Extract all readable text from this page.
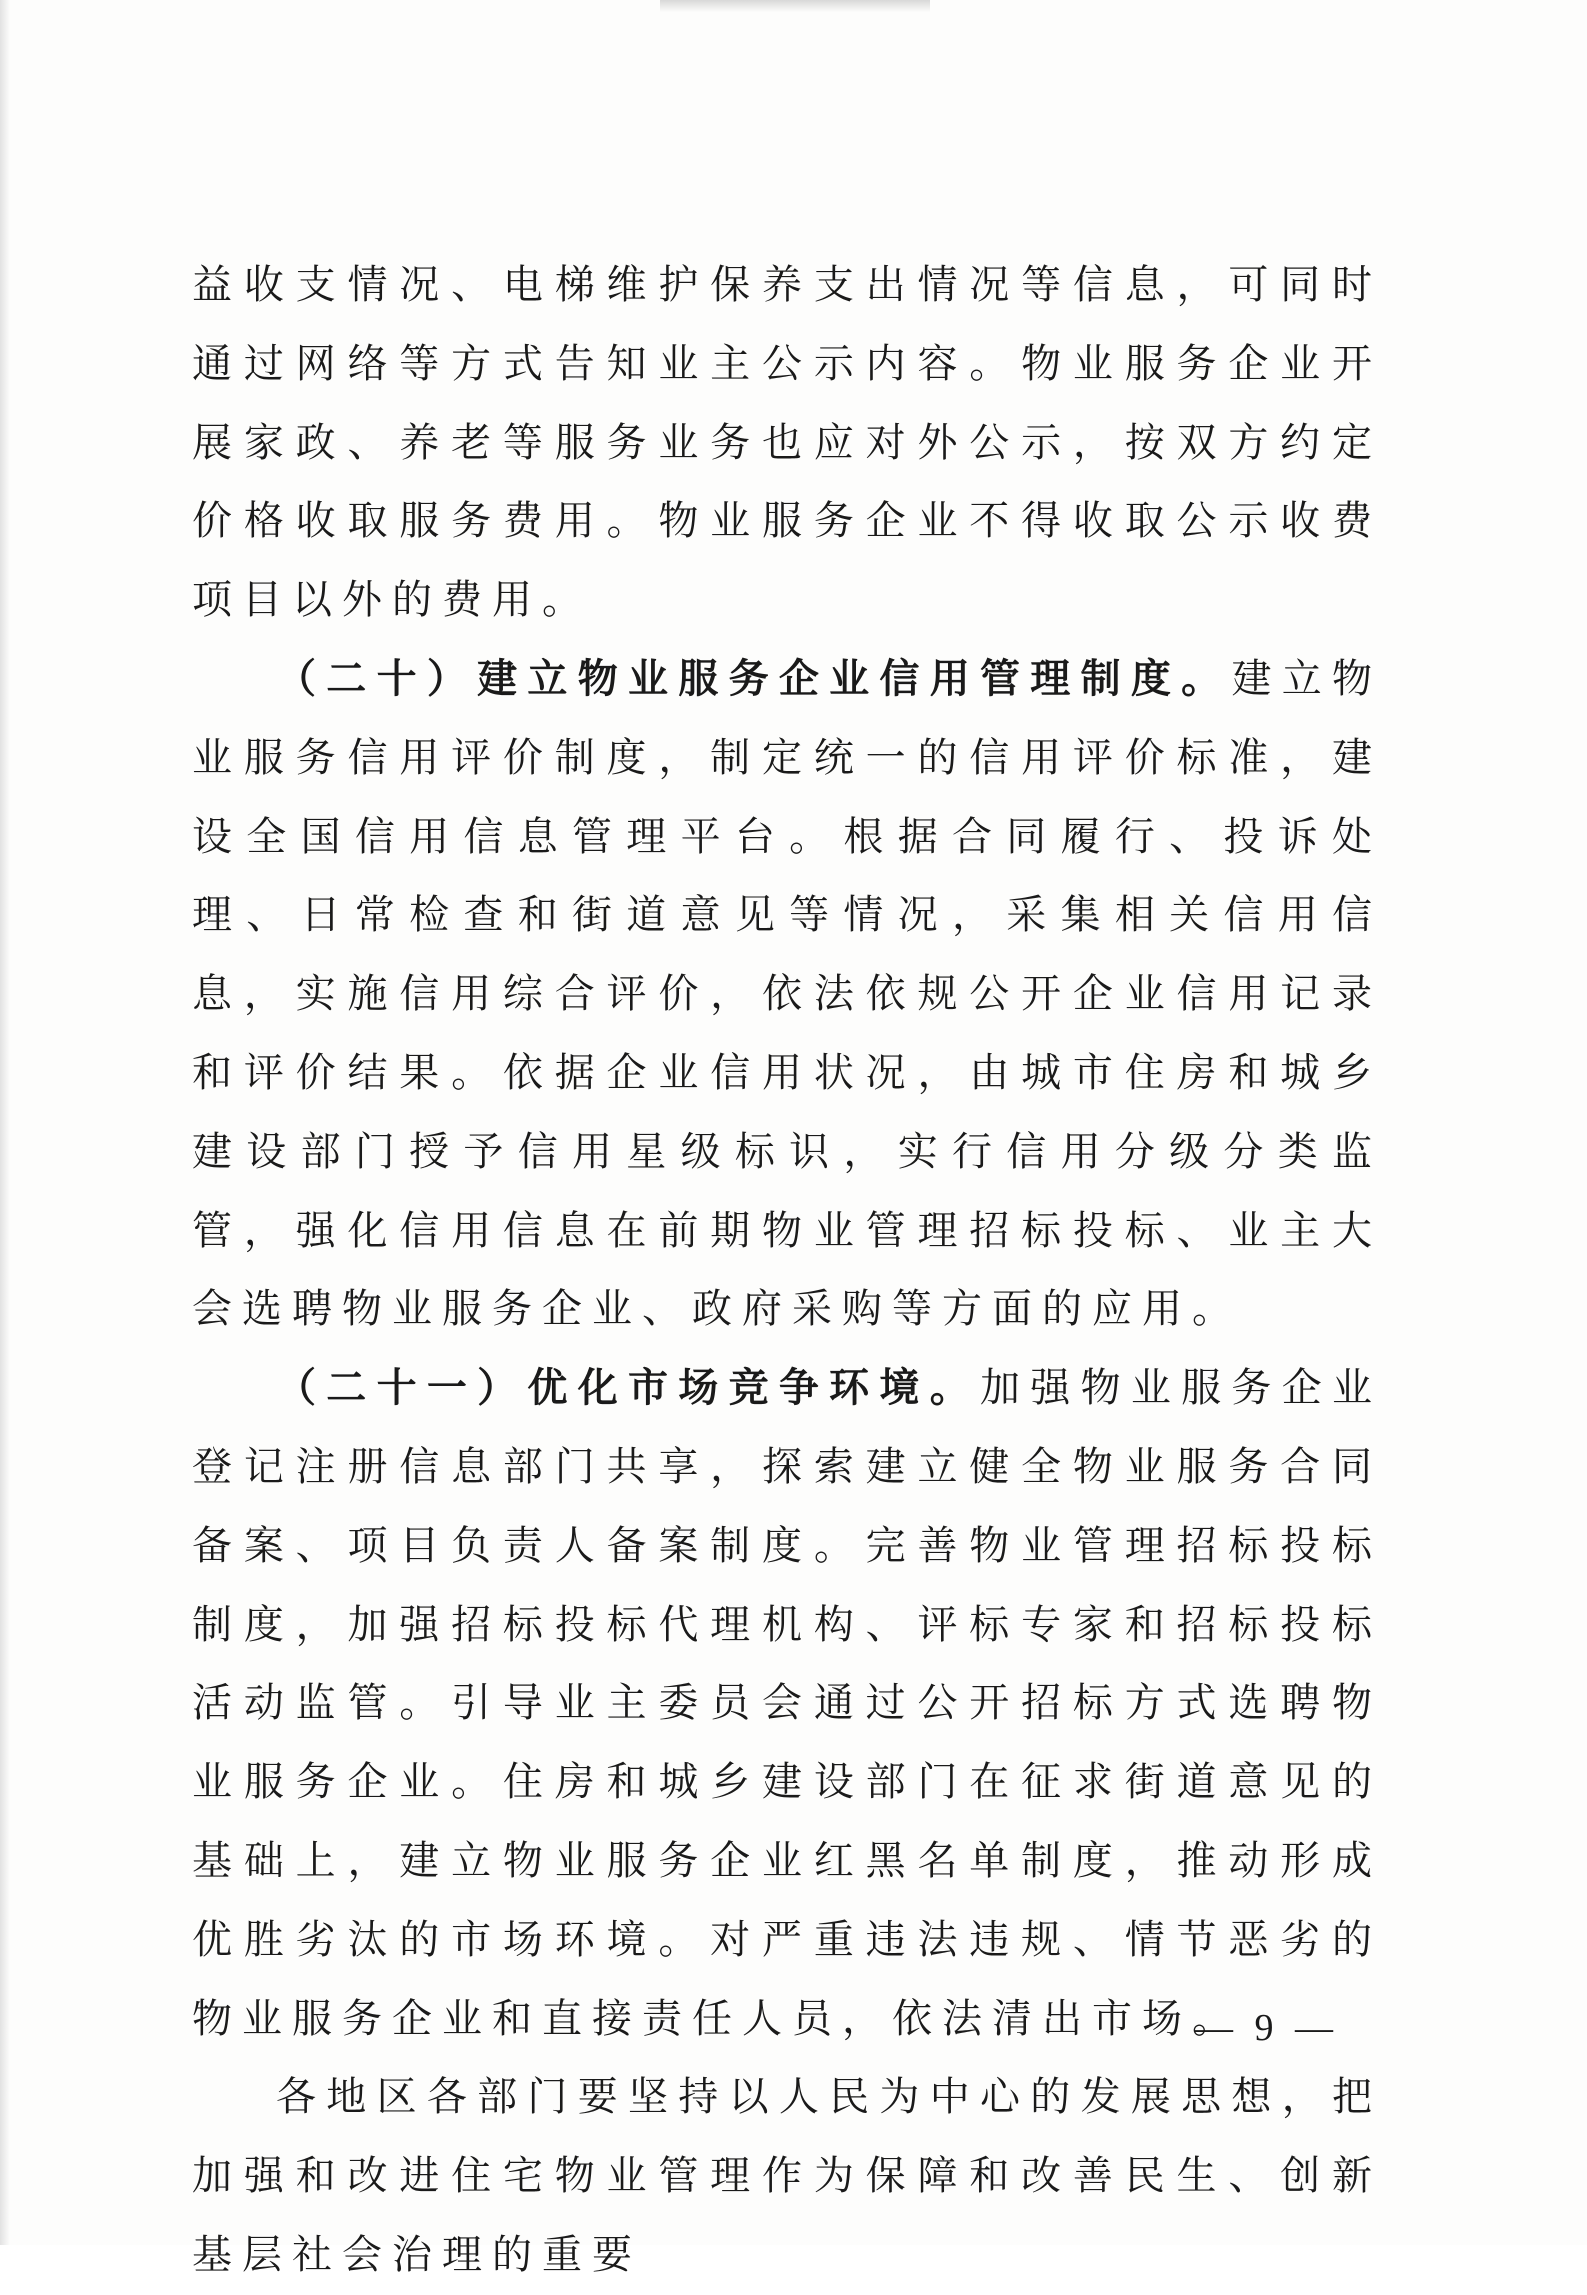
益收支情况、电梯维护保养支出情况等信息，可同时通过网络等方式告知业主公示内容。物业服务企业开展家政、养老等服务业务也应对外公示，按双方约定价格收取服务费用。物业服务企业不得收取公示收费项目以外的费用。

（二十）建立物业服务企业信用管理制度。建立物业服务信用评价制度，制定统一的信用评价标准，建设全国信用信息管理平台。根据合同履行、投诉处理、日常检查和街道意见等情况，采集相关信用信息，实施信用综合评价，依法依规公开企业信用记录和评价结果。依据企业信用状况，由城市住房和城乡建设部门授予信用星级标识，实行信用分级分类监管，强化信用信息在前期物业管理招标投标、业主大会选聘物业服务企业、政府采购等方面的应用。

（二十一）优化市场竞争环境。加强物业服务企业登记注册信息部门共享，探索建立健全物业服务合同备案、项目负责人备案制度。完善物业管理招标投标制度，加强招标投标代理机构、评标专家和招标投标活动监管。引导业主委员会通过公开招标方式选聘物业服务企业。住房和城乡建设部门在征求街道意见的基础上，建立物业服务企业红黑名单制度，推动形成优胜劣汰的市场环境。对严重违法违规、情节恶劣的物业服务企业和直接责任人员，依法清出市场。

各地区各部门要坚持以人民为中心的发展思想，把加强和改进住宅物业管理作为保障和改善民生、创新基层社会治理的重要

— 9 —
